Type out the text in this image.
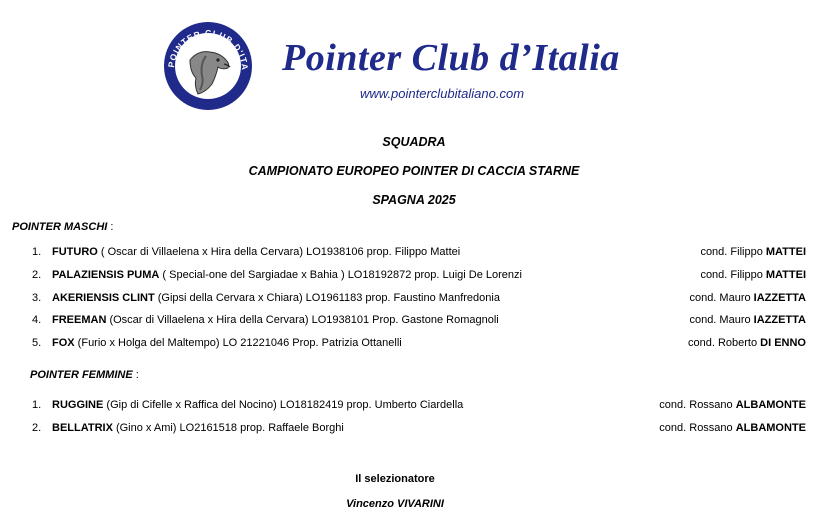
POINTER CLUB D'ITA Pointer Club d’Italia
www.pointerclubitaliano.com
SQUADRA
CAMPIONATO EUROPEO POINTER DI CACCIA STARNE
SPAGNA 2025
POINTER MASCHI :
1. FUTURO ( Oscar di Villaelena x Hira della Cervara) LO1938106 prop. Filippo Mattei	cond. Filippo MATTEI
2. PALAZIENSIS PUMA ( Special-one del Sargiadae x Bahia ) LO18192872 prop. Luigi De Lorenzi	cond. Filippo MATTEI
3. AKERIENSIS CLINT (Gipsi della Cervara x Chiara) LO1961183 prop. Faustino Manfredonia	cond. Mauro IAZZETTA
4. FREEMAN (Oscar di Villaelena x Hira della Cervara) LO1938101 Prop. Gastone Romagnoli	cond. Mauro IAZZETTA
5. FOX (Furio x Holga del Maltempo) LO 21221046 Prop. Patrizia Ottanelli	cond. Roberto DI ENNO
POINTER FEMMINE :
1. RUGGINE (Gip di Cifelle x Raffica del Nocino) LO18182419 prop. Umberto Ciardella	cond. Rossano ALBAMONTE
2. BELLATRIX (Gino x Ami) LO2161518 prop. Raffaele Borghi	cond. Rossano ALBAMONTE
Il selezionatore
Vincenzo VIVARINI
